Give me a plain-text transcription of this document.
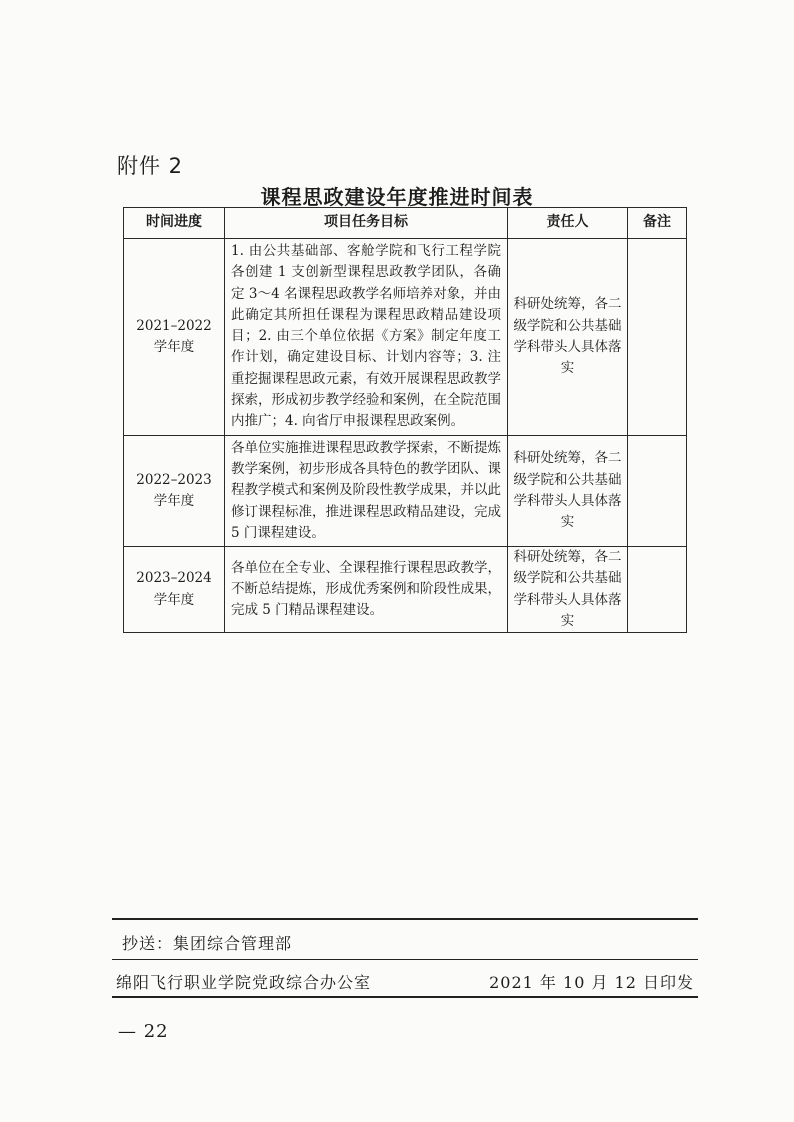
附件 2
课程思政建设年度推进时间表
时间进度	项目任务目标	责任人	备注

2021–2022
学年度	1. 由公共基础部、客舱学院和飞行工程学院各创建 1 支创新型课程思政教学团队，各确定 3～4 名课程思政教学名师培养对象，并由此确定其所担任课程为课程思政精品建设项目；2. 由三个单位依据《方案》制定年度工作计划，确定建设目标、计划内容等；3. 注重挖掘课程思政元素，有效开展课程思政教学探索，形成初步教学经验和案例，在全院范围内推广；4. 向省厅申报课程思政案例。	科研处统筹，各二级学院和公共基础学科带头人具体落实	

2022–2023
学年度	各单位实施推进课程思政教学探索，不断提炼教学案例，初步形成各具特色的教学团队、课程教学模式和案例及阶段性教学成果，并以此修订课程标准，推进课程思政精品建设，完成 5 门课程建设。	科研处统筹，各二级学院和公共基础学科带头人具体落实	

2023–2024
学年度	各单位在全专业、全课程推行课程思政教学，不断总结提炼，形成优秀案例和阶段性成果，完成 5 门精品课程建设。	科研处统筹，各二级学院和公共基础学科带头人具体落实	
抄送：集团综合管理部
绵阳飞行职业学院党政综合办公室	2021 年 10 月 12 日印发
— 22
